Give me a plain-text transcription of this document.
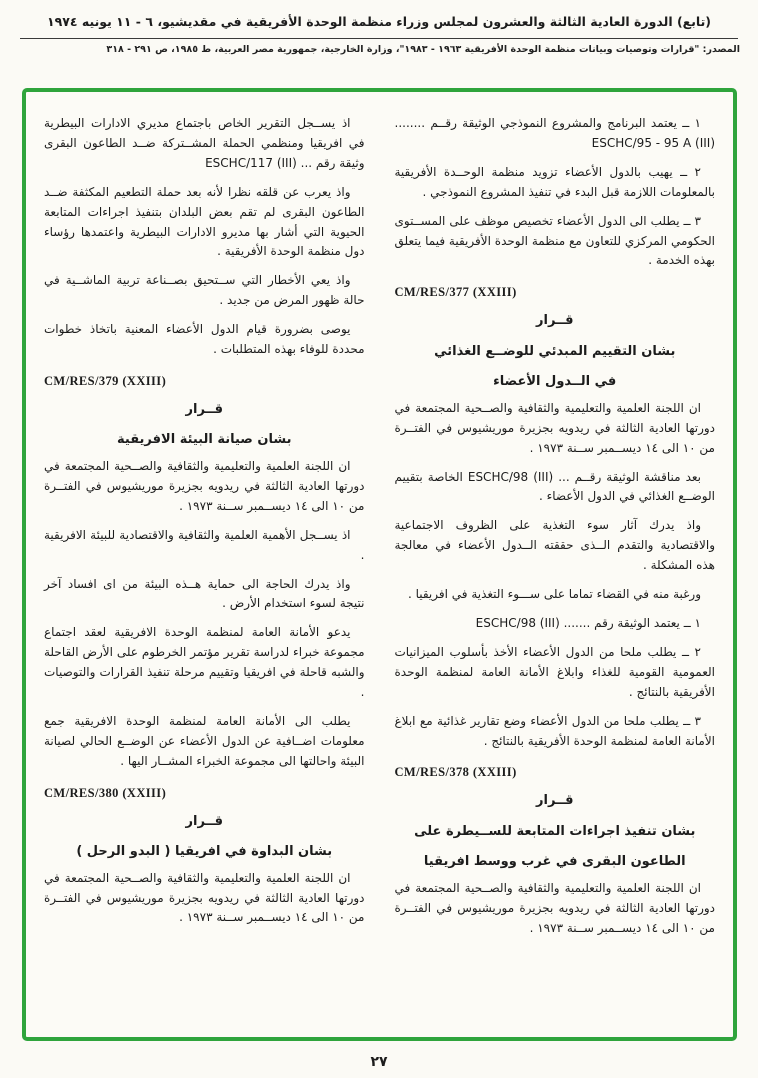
(تابع) الدورة العادية الثالثة والعشرون لمجلس وزراء منظمة الوحدة الأفريقية في مقديشيو، ٦ - ١١ يونيه ١٩٧٤
المصدر: "قرارات وتوصيات وبيانات منظمة الوحدة الأفريقية ١٩٦٣ - ١٩٨٣"، وزارة الخارجية، جمهورية مصر العربية، ط ١٩٨٥، ص ٢٩١ - ٣١٨
١ ــ يعتمد البرنامج والمشروع النموذجي الوثيقة رقــم ........ ESCHC/95 - 95 A (III)
٢ ــ يهيب بالدول الأعضاء تزويد منظمة الوحــدة الأفريقية بالمعلومات اللازمة قبل البدء في تنفيذ المشروع النموذجي .
٣ ــ يطلب الى الدول الأعضاء تخصيص موظف على المســتوى الحكومي المركزي للتعاون مع منظمة الوحدة الأفريقية فيما يتعلق بهذه الخدمة .
CM/RES/377 (XXIII)
قــرار
بشان التقييم المبدئي للوضــع الغذائي
في الــدول الأعضاء
ان اللجنة العلمية والتعليمية والثقافية والصــحية المجتمعة في دورتها العادية الثالثة في ريدويه بجزيرة موريشيوس في الفتــرة من ١٠ الى ١٤ ديســمبر ســنة ١٩٧٣ .
بعد مناقشة الوثيقة رقــم ... ESCHC/98 (III) الخاصة بتقييم الوضــع الغذائي في الدول الأعضاء .
واذ يدرك آثار سوء التغذية على الظروف الاجتماعية والاقتصادية والتقدم الــذى حققته الــدول الأعضاء في معالجة هذه المشكلة .
ورغبة منه في القضاء تماما على ســـوء التغذية في افريقيا .
١ ــ يعتمد الوثيقة رقم ....... ESCHC/98 (III)
٢ ــ يطلب ملحا من الدول الأعضاء الأخذ بأسلوب الميزانيات العمومية القومية للغذاء وابلاغ الأمانة العامة لمنظمة الوحدة الأفريقية بالنتائج .
٣ ــ يطلب ملحا من الدول الأعضاء وضع تقارير غذائية مع ابلاغ الأمانة العامة لمنظمة الوحدة الأفريقية بالنتائج .
CM/RES/378 (XXIII)
قــرار
بشان تنفيذ اجراءات المتابعة للســيطرة على
الطاعون البقرى في غرب ووسط افريقيا
ان اللجنة العلمية والتعليمية والثقافية والصــحية المجتمعة في دورتها العادية الثالثة في ريدويه بجزيرة موريشيوس في الفتــرة من ١٠ الى ١٤ ديســمبر ســنة ١٩٧٣ .
اذ يســجل التقرير الخاص باجتماع مديري الادارات البيطرية في افريقيا ومنظمي الحملة المشــتركة ضــد الطاعون البقرى وثيقة رقم ... ESCHC/117 (III)
واذ يعرب عن قلقه نظرا لأنه بعد حملة التطعيم المكثفة ضــد الطاعون البقرى لم تقم بعض البلدان بتنفيذ اجراءات المتابعة الحيوية التي أشار بها مديرو الادارات البيطرية واعتمدها رؤساء دول منظمة الوحدة الأفريقية .
واذ يعي الأخطار التي ســتحيق بصــناعة تربية الماشــية في حالة ظهور المرض من جديد .
يوصى بضرورة قيام الدول الأعضاء المعنية باتخاذ خطوات محددة للوفاء بهذه المتطلبات .
CM/RES/379 (XXIII)
قــرار
بشان صيانة البيئة الافريقية
ان اللجنة العلمية والتعليمية والثقافية والصــحية المجتمعة في دورتها العادية الثالثة في ريدويه بجزيرة موريشيوس في الفتــرة من ١٠ الى ١٤ ديســمبر ســنة ١٩٧٣ .
اذ يســجل الأهمية العلمية والثقافية والاقتصادية للبيئة الافريقية .
واذ يدرك الحاجة الى حماية هــذه البيئة من اى افساد آخر نتيجة لسوء استخدام الأرض .
يدعو الأمانة العامة لمنظمة الوحدة الافريقية لعقد اجتماع مجموعة خبراء لدراسة تقرير مؤتمر الخرطوم على الأرض القاحلة والشبه قاحلة في افريقيا وتقييم مرحلة تنفيذ القرارات والتوصيات .
يطلب الى الأمانة العامة لمنظمة الوحدة الافريقية جمع معلومات اضــافية عن الدول الأعضاء عن الوضــع الحالي لصيانة البيئة واحالتها الى مجموعة الخبراء المشــار اليها .
CM/RES/380 (XXIII)
قــرار
بشان البداوة في افريقيا ( البدو الرحل )
ان اللجنة العلمية والتعليمية والثقافية والصــحية المجتمعة في دورتها العادية الثالثة في ريدويه بجزيرة موريشيوس في الفتــرة من ١٠ الى ١٤ ديســمبر ســنة ١٩٧٣ .
٢٧
